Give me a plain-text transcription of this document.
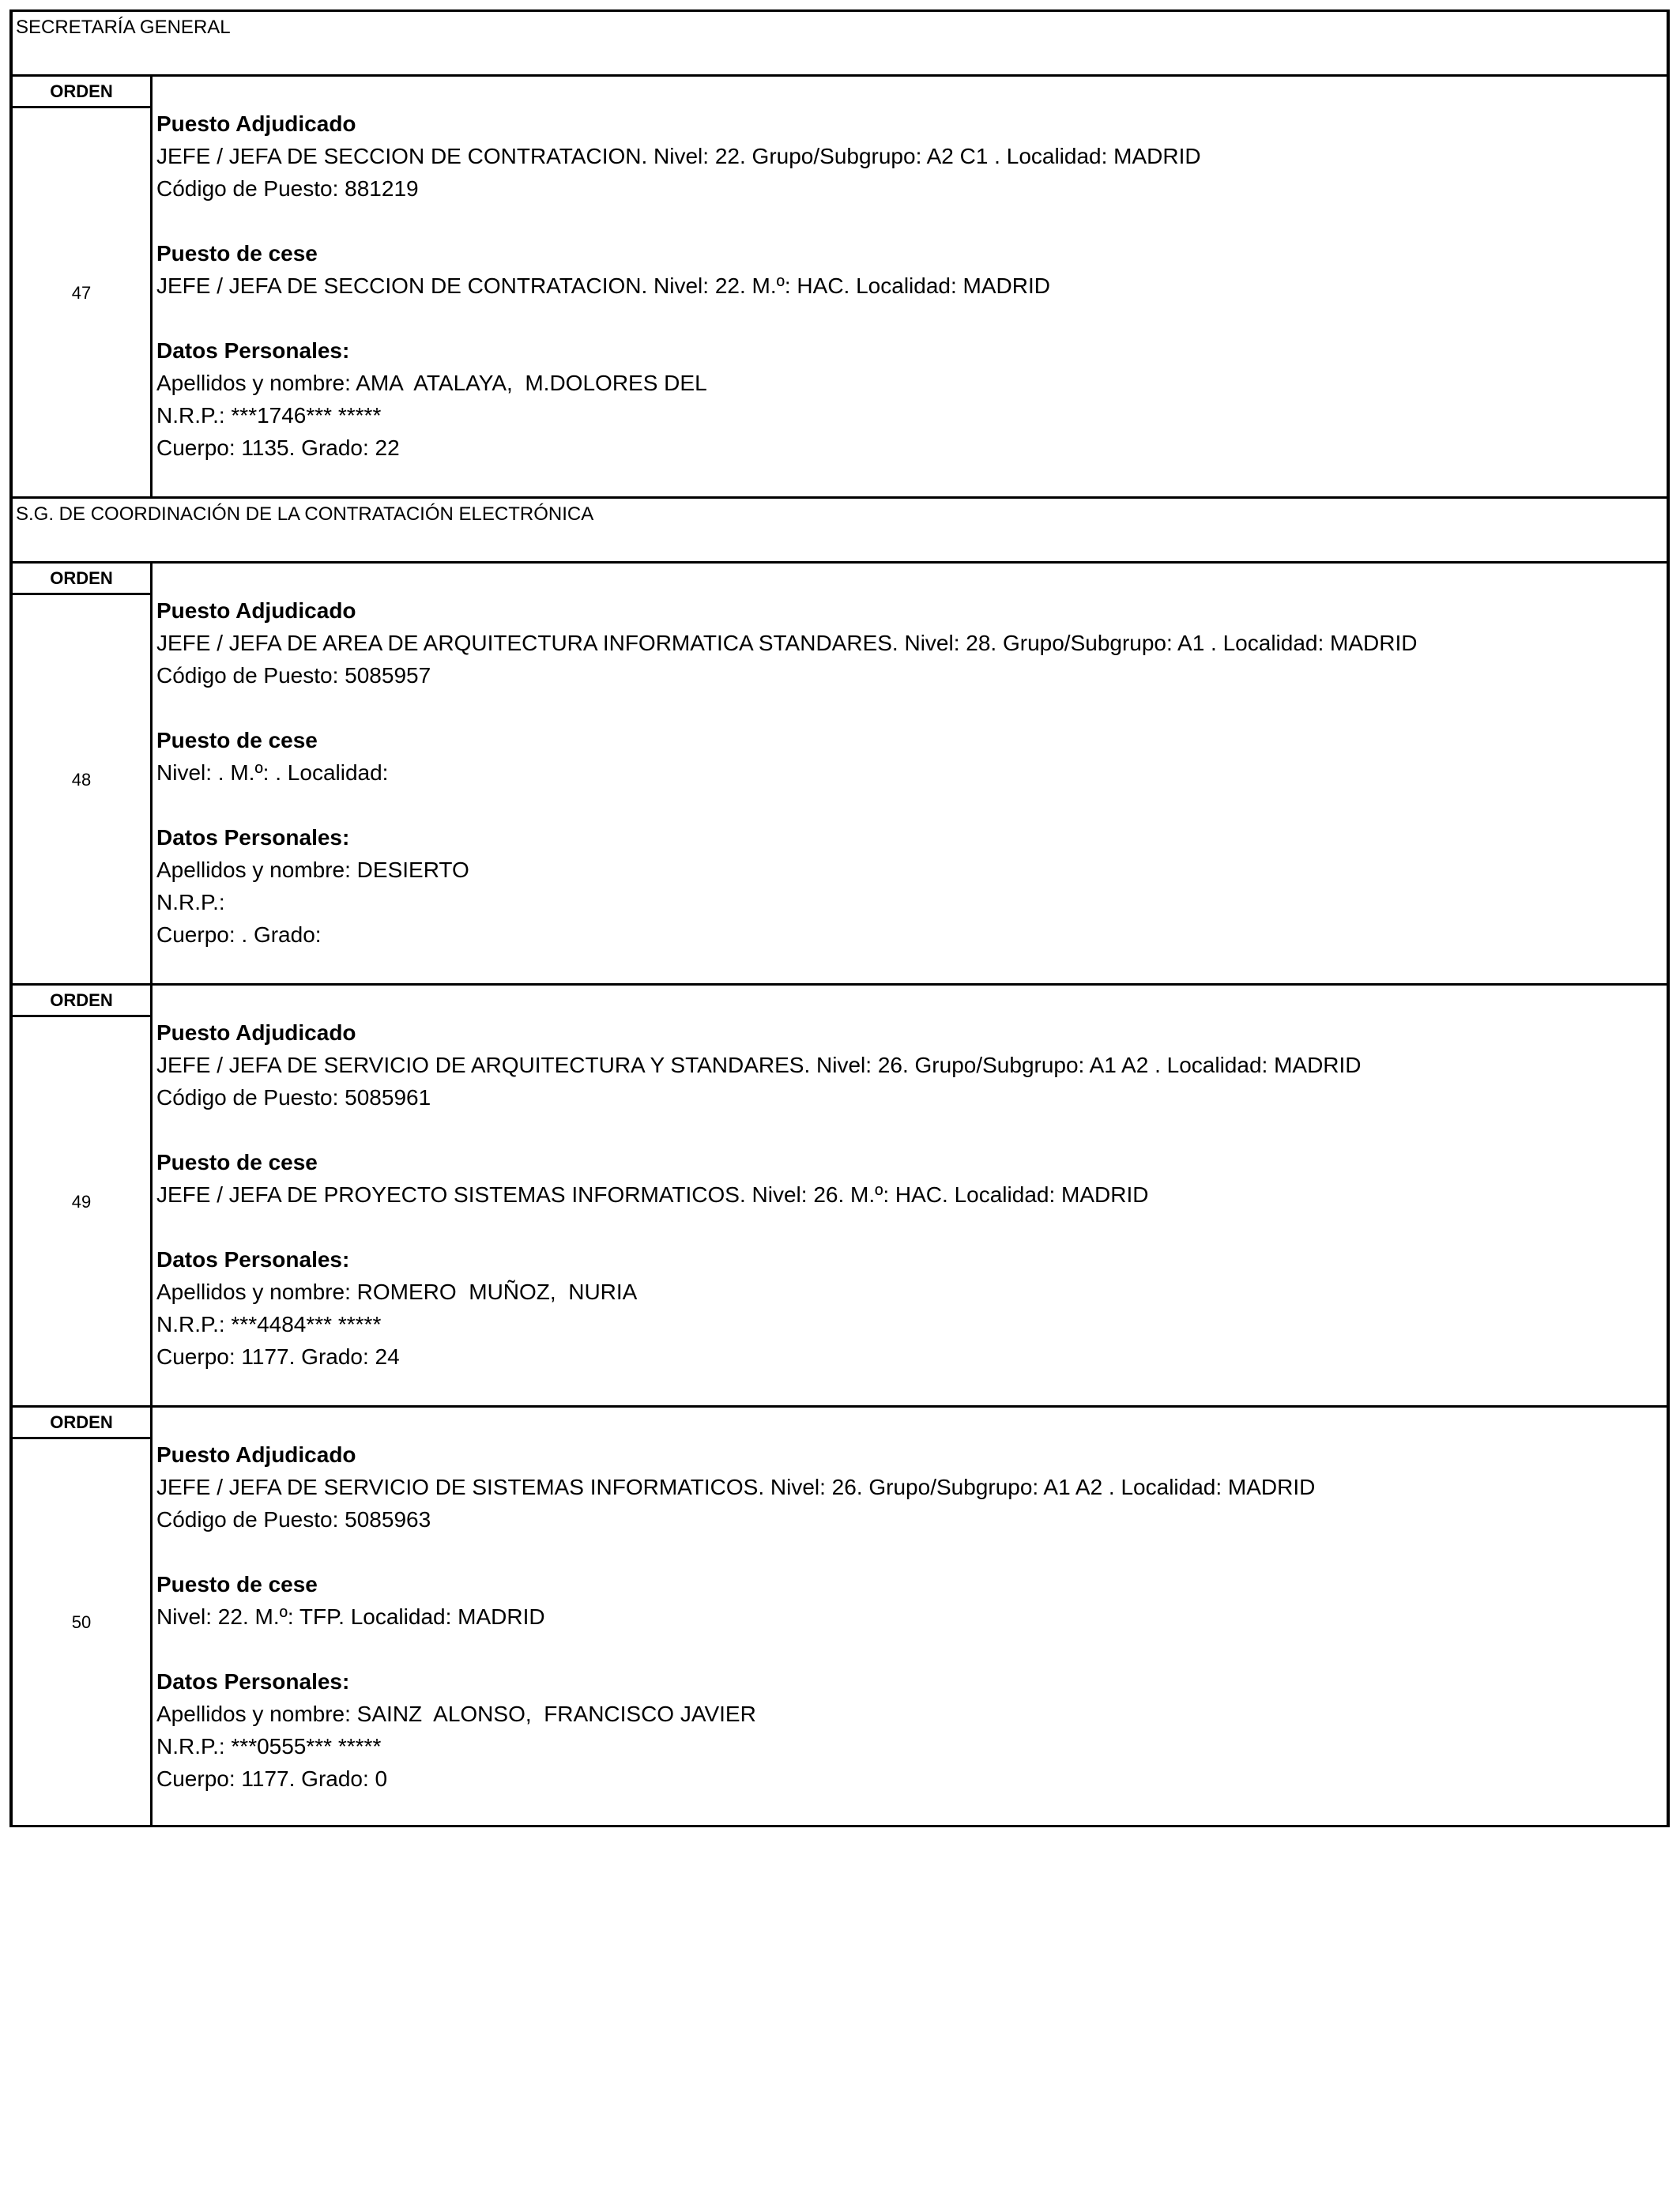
SECRETARÍA GENERAL
ORDEN
47
Puesto Adjudicado
JEFE / JEFA DE SECCION DE CONTRATACION. Nivel: 22. Grupo/Subgrupo: A2 C1 . Localidad: MADRID
Código de Puesto: 881219
Puesto de cese
JEFE / JEFA DE SECCION DE CONTRATACION. Nivel: 22. M.º: HAC. Localidad: MADRID
Datos Personales:
Apellidos y nombre: AMA  ATALAYA,  M.DOLORES DEL
N.R.P.: ***1746*** *****
Cuerpo: 1135. Grado: 22
S.G. DE COORDINACIÓN DE LA CONTRATACIÓN ELECTRÓNICA
ORDEN
48
Puesto Adjudicado
JEFE / JEFA DE AREA DE ARQUITECTURA INFORMATICA STANDARES. Nivel: 28. Grupo/Subgrupo: A1 . Localidad: MADRID
Código de Puesto: 5085957
Puesto de cese
Nivel: . M.º: . Localidad:
Datos Personales:
Apellidos y nombre: DESIERTO
N.R.P.:
Cuerpo: . Grado:
ORDEN
49
Puesto Adjudicado
JEFE / JEFA DE SERVICIO DE ARQUITECTURA Y STANDARES. Nivel: 26. Grupo/Subgrupo: A1 A2 . Localidad: MADRID
Código de Puesto: 5085961
Puesto de cese
JEFE / JEFA DE PROYECTO SISTEMAS INFORMATICOS. Nivel: 26. M.º: HAC. Localidad: MADRID
Datos Personales:
Apellidos y nombre: ROMERO  MUÑOZ,  NURIA
N.R.P.: ***4484*** *****
Cuerpo: 1177. Grado: 24
ORDEN
50
Puesto Adjudicado
JEFE / JEFA DE SERVICIO DE SISTEMAS INFORMATICOS. Nivel: 26. Grupo/Subgrupo: A1 A2 . Localidad: MADRID
Código de Puesto: 5085963
Puesto de cese
Nivel: 22. M.º: TFP. Localidad: MADRID
Datos Personales:
Apellidos y nombre: SAINZ  ALONSO,  FRANCISCO JAVIER
N.R.P.: ***0555*** *****
Cuerpo: 1177. Grado: 0
